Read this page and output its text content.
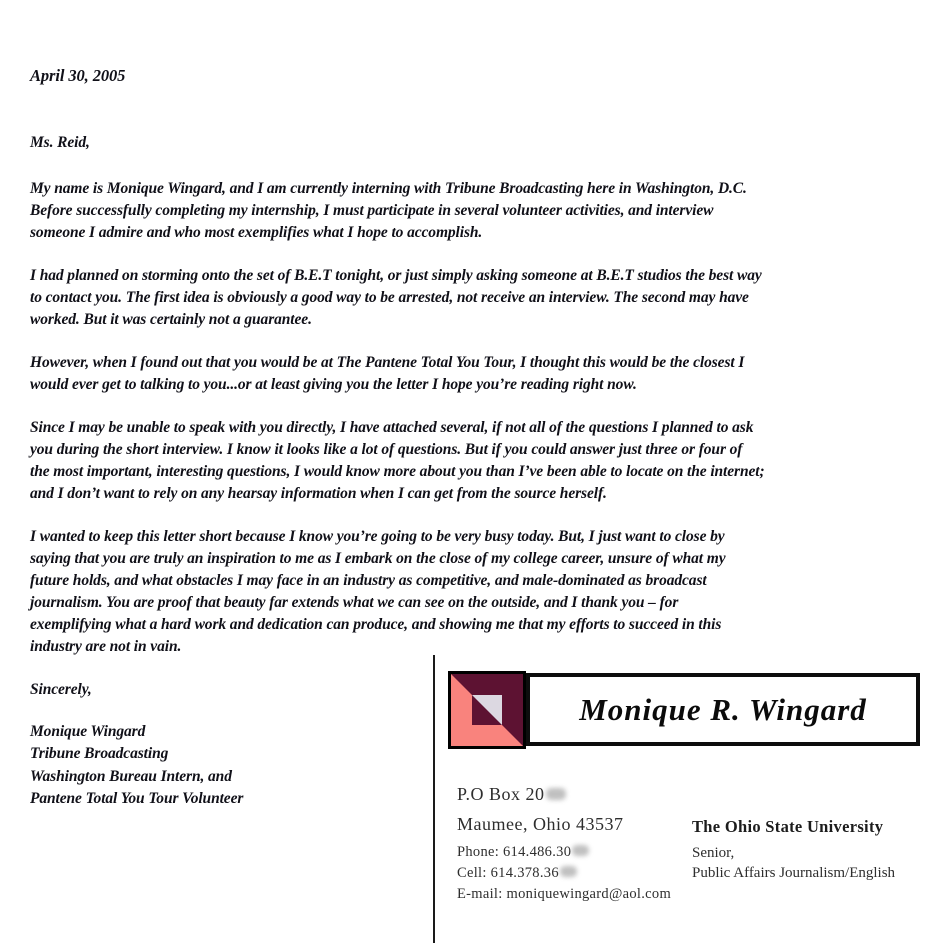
April 30, 2005
Ms. Reid,
My name is Monique Wingard, and I am currently interning with Tribune Broadcasting here in Washington, D.C.
Before successfully completing my internship, I must participate in several volunteer activities, and interview
someone I admire and who most exemplifies what I hope to accomplish.
I had planned on storming onto the set of B.E.T tonight, or just simply asking someone at B.E.T studios the best way
to contact you. The first idea is obviously a good way to be arrested, not receive an interview. The second may have
worked. But it was certainly not a guarantee.
However, when I found out that you would be at The Pantene Total You Tour, I thought this would be the closest I
would ever get to talking to you...or at least giving you the letter I hope you’re reading right now.
Since I may be unable to speak with you directly, I have attached several, if not all of the questions I planned to ask
you during the short interview. I know it looks like a lot of questions. But if you could answer just three or four of
the most important, interesting questions, I would know more about you than I’ve been able to locate on the internet;
and I don’t want to rely on any hearsay information when I can get from the source herself.
I wanted to keep this letter short because I know you’re going to be very busy today. But, I just want to close by
saying that you are truly an inspiration to me as I embark on the close of my college career, unsure of what my
future holds, and what obstacles I may face in an industry as competitive, and male-dominated as broadcast
journalism. You are proof that beauty far extends what we can see on the outside, and I thank you – for
exemplifying what a hard work and dedication can produce, and showing me that my efforts to succeed in this
industry are not in vain.
Sincerely,
Monique Wingard
Tribune Broadcasting
Washington Bureau Intern, and
Pantene Total You Tour Volunteer
Monique R. Wingard
P.O Box 20
Maumee, Ohio 43537
Phone: 614.486.30
Cell: 614.378.36
E-mail: moniquewingard@aol.com
The Ohio State University
Senior,
Public Affairs Journalism/English
